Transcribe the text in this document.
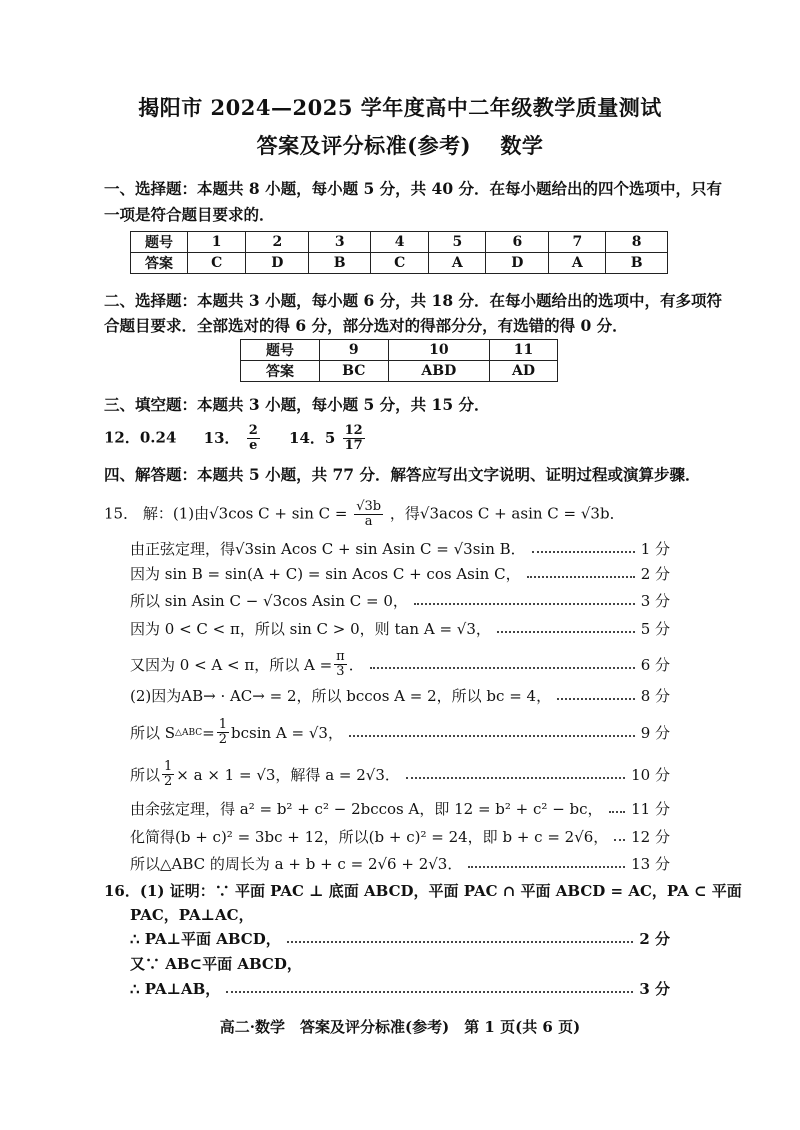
揭阳市 2024—2025 学年度高中二年级教学质量测试
答案及评分标准(参考)　 数学
一、选择题：本题共 8 小题，每小题 5 分，共 40 分．在每小题给出的四个选项中，只有
一项是符合题目要求的．
题号	1	2	3	4	5	6	7	8
答案	C	D	B	C	A	D	A	B
二、选择题：本题共 3 小题，每小题 6 分，共 18 分．在每小题给出的选项中，有多项符
合题目要求．全部选对的得 6 分，部分选对的得部分分，有选错的得 0 分．
题号	9	10	11
答案	BC	ABD	AD
三、填空题：本题共 3 小题，每小题 5 分，共 15 分．
12．0.24 13． $\frac{2}{e} 14$．$5 \frac{12}{17}$
四、解答题：本题共 5 小题，共 77 分．解答应写出文字说明、证明过程或演算步骤．
15． 解：(1)由√3cos $C + \sin C = \frac{√3b}{a}$ ，得√3acos C + asin C = √3b．
由正弦定理，得√3sin Acos C + sin Asin C = √3sin B．	1 分
因为 sin B = sin(A + C) = sin Acos C + cos Asin C，	2 分
所以 sin Asin C − √3cos Asin C = 0，	3 分
因为 0 < C < π，所以 sin C > 0，则 tan A = √3，	5 分
又因为 0 < A < π，所以 $A = \frac{\pi}{3}$ ．	6 分
(2)因为AB→ · AC→ = 2，所以 bccos A = 2，所以 bc = 4，	8 分
所以 S △ABC = $\frac{1}{2}$ bcsin A = √3，	9 分
所以 $\frac{1}{2} \times a \times 1 = √3$，解得 a = 2√3．	10 分
由余弦定理，得 a² = b² + c² − 2bccos A，即 12 = b² + c² − bc， 11 分
化简得(b + c)² = 3bc + 12，所以(b + c)² = 24，即 b + c = 2√6， 12 分
所以△ABC 的周长为 a + b + c = 2√6 + 2√3．	13 分
16．(1) 证明：∵ 平面 PAC ⊥ 底面 ABCD，平面 PAC ∩ 平面 ABCD = AC，PA ⊂ 平面
PAC，PA⊥AC，
∴ PA⊥平面 ABCD，	2 分
又∵ AB⊂平面 ABCD，
∴ PA⊥AB，	3 分
高二·数学　答案及评分标准(参考)　第 1 页(共 6 页)
